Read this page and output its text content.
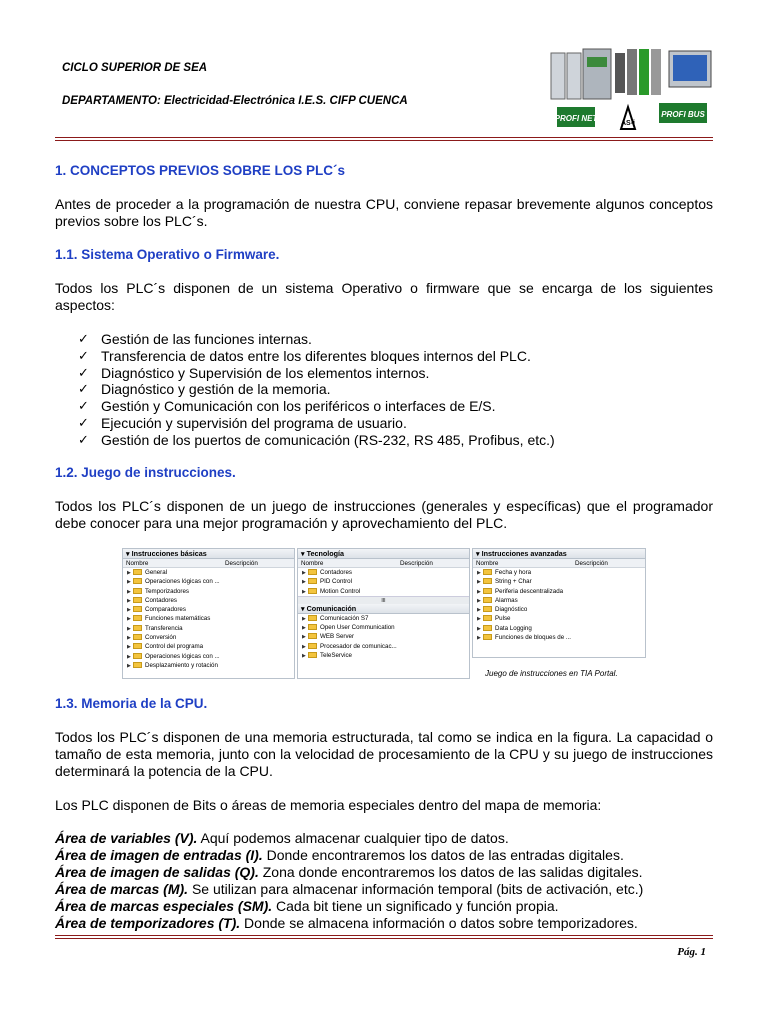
CICLO SUPERIOR DE SEA
DEPARTAMENTO: Electricidad-Electrónica I.E.S. CIFP CUENCA
PROFI NET
AS-i
PROFI BUS
1. CONCEPTOS PREVIOS SOBRE LOS PLC´s
Antes de proceder a la programación de nuestra CPU, conviene repasar brevemente algunos conceptos previos sobre los PLC´s.
1.1. Sistema Operativo o Firmware.
Todos los PLC´s disponen de un sistema Operativo o firmware que se encarga de los siguientes aspectos:
✓ Gestión de las funciones internas.
✓ Transferencia de datos entre los diferentes bloques internos del PLC.
✓ Diagnóstico y Supervisión de los elementos internos.
✓ Diagnóstico y gestión de la memoria.
✓ Gestión y Comunicación con los periféricos o interfaces de E/S.
✓ Ejecución y supervisión del programa de usuario.
✓ Gestión de los puertos de comunicación (RS-232, RS 485, Profibus, etc.)
1.2. Juego de instrucciones.
Todos los PLC´s disponen de un juego de instrucciones (generales y específicas) que el programador debe conocer para una mejor programación y aprovechamiento del PLC.
▾ Instrucciones básicas
Nombre	Descripción
▶ General
▶ Operaciones lógicas con ...
▶ Temporizadores
▶ Contadores
▶ Comparadores
▶ Funciones matemáticas
▶ Transferencia
▶ Conversión
▶ Control del programa
▶ Operaciones lógicas con ...
▶ Desplazamiento y rotación
▾ Tecnología
Nombre	Descripción
▶ Contadores
▶ PID Control
▶ Motion Control
III
▾ Comunicación
▶ Comunicación S7
▶ Open User Communication
▶ WEB Server
▶ Procesador de comunicac...
▶ TeleService
▾ Instrucciones avanzadas
Nombre	Descripción
▶ Fecha y hora
▶ String + Char
▶ Periferia descentralizada
▶ Alarmas
▶ Diagnóstico
▶ Pulse
▶ Data Logging
▶ Funciones de bloques de ...
Juego de instrucciones en TIA Portal.
1.3. Memoria de la CPU.
Todos los PLC´s disponen de una memoria estructurada, tal como se indica en la figura. La capacidad o tamaño de esta memoria, junto con la velocidad de procesamiento de la CPU y su juego de instrucciones determinará la potencia de la CPU.
Los PLC disponen de Bits o áreas de memoria especiales dentro del mapa de memoria:
Área de variables (V). Aquí podemos almacenar cualquier tipo de datos.
Área de imagen de entradas (I). Donde encontraremos los datos de las entradas digitales.
Área de imagen de salidas (Q). Zona donde encontraremos los datos de las salidas digitales.
Área de marcas (M). Se utilizan para almacenar información temporal (bits de activación, etc.)
Área de marcas especiales (SM). Cada bit tiene un significado y función propia.
Área de temporizadores (T). Donde se almacena información o datos sobre temporizadores.
Pág. 1
